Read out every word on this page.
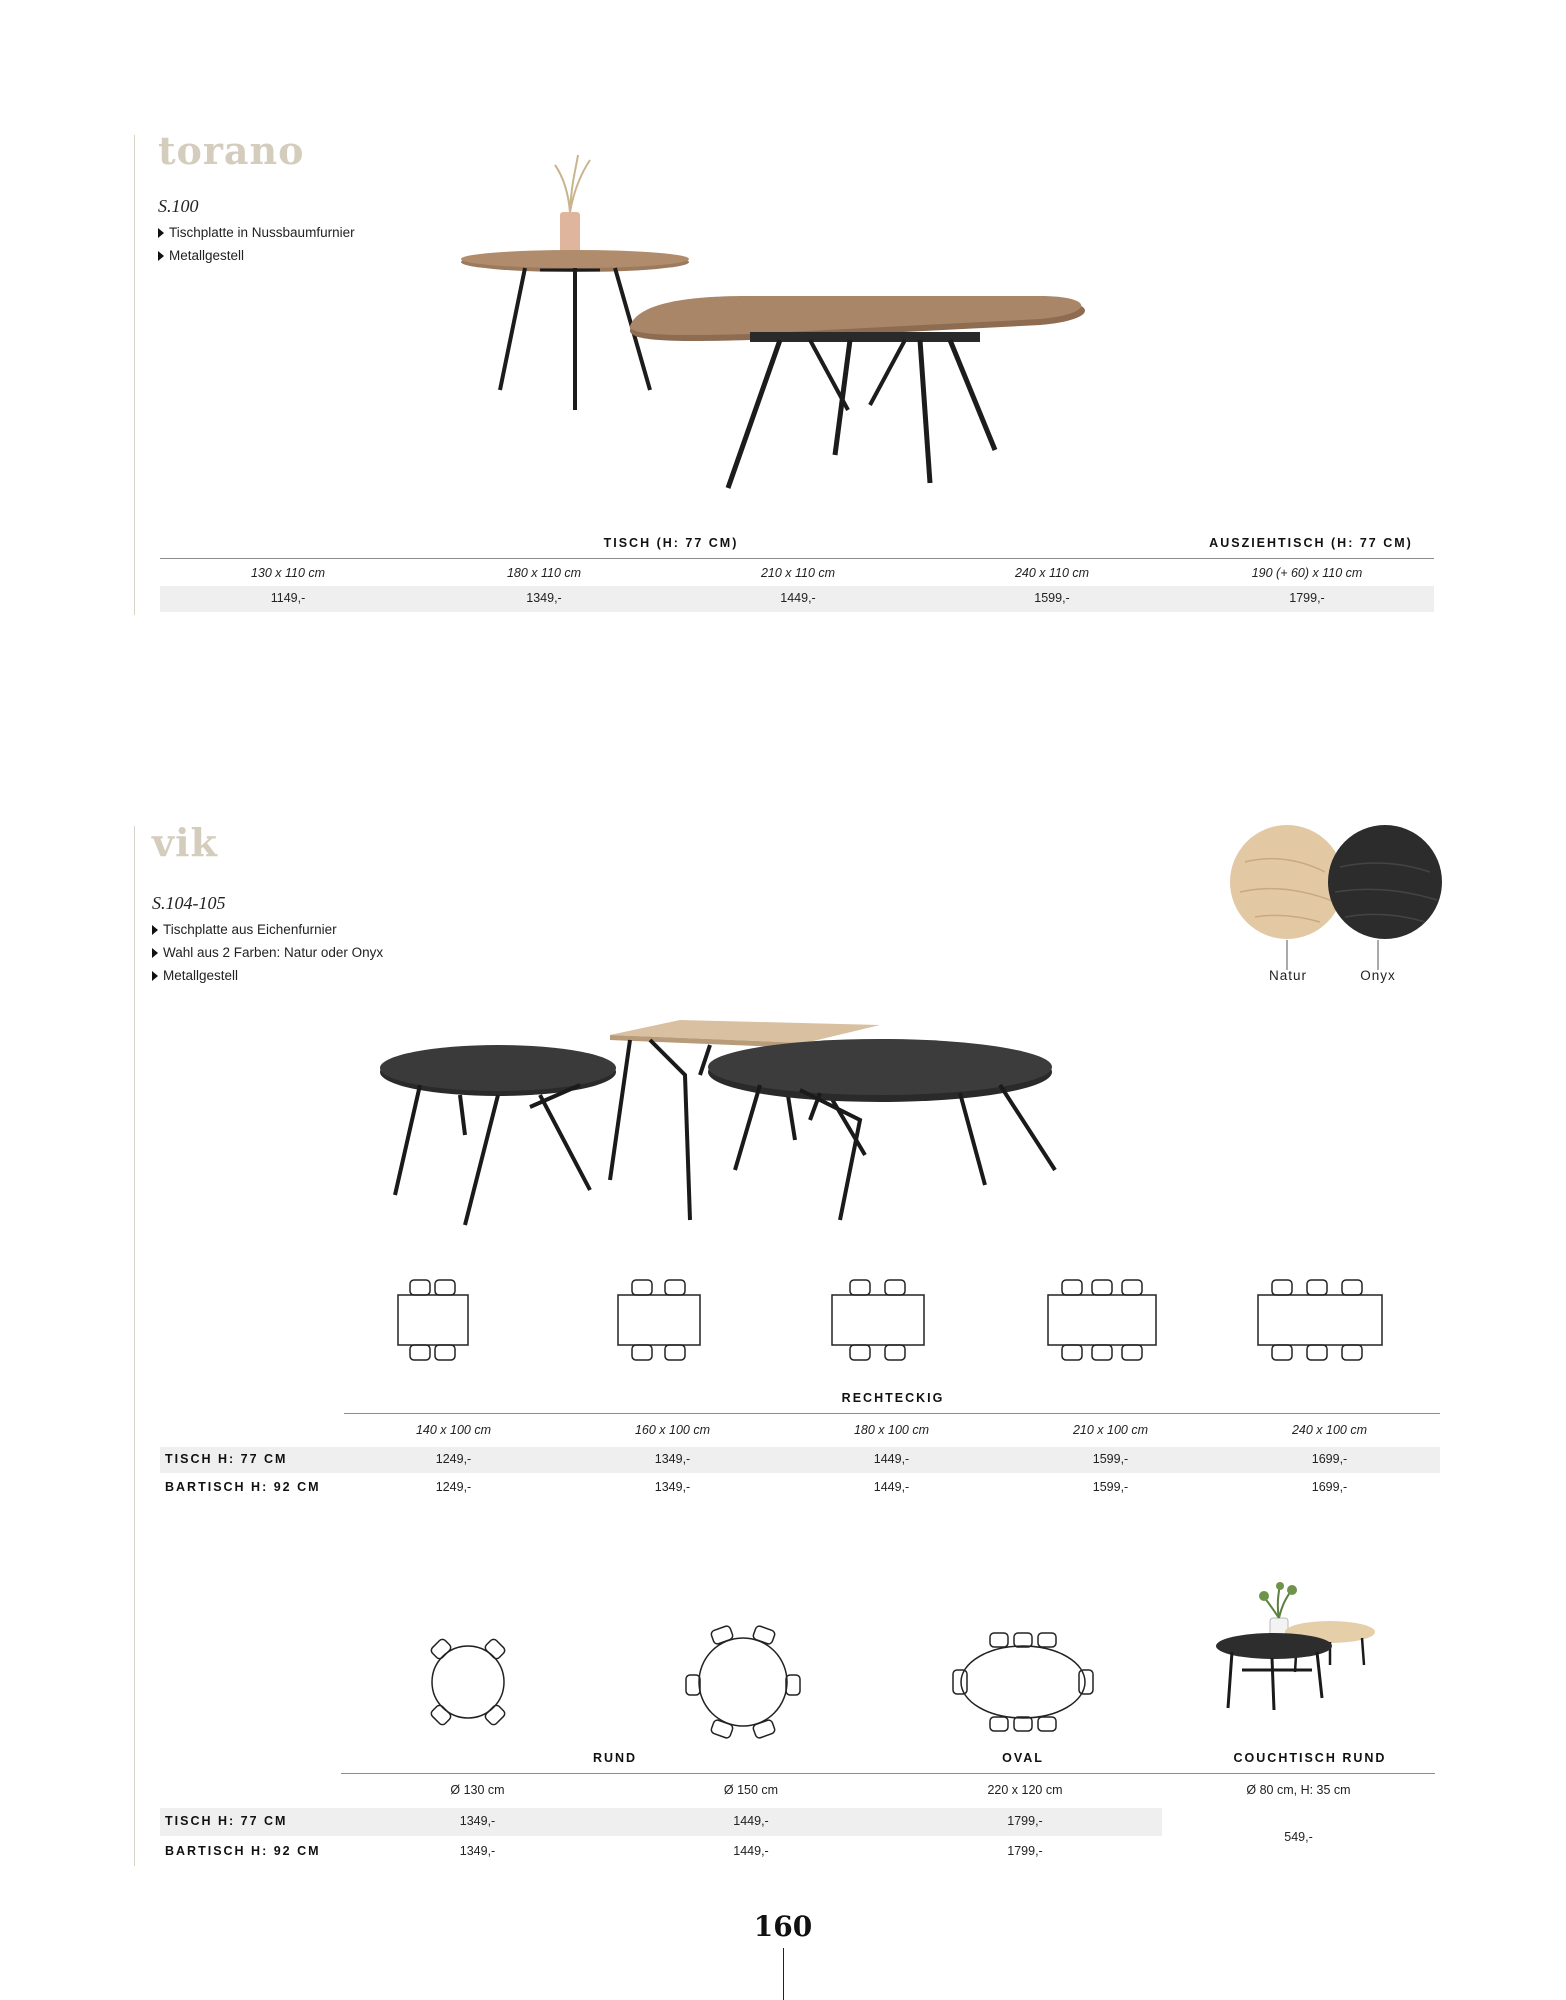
torano
S.100
Tischplatte in Nussbaumfurnier
Metallgestell
TISCH (H: 77 CM)	AUSZIEHTISCH (H: 77 CM)
130 x 110 cm	180 x 110 cm	210 x 110 cm	240 x 110 cm	190 (+ 60) x 110 cm
1149,-	1349,-	1449,-	1599,-	1799,-
vik
S.104-105
Tischplatte aus Eichenfurnier
Wahl aus 2 Farben: Natur oder Onyx
Metallgestell	Natur	Onyx
RECHTECKIG
140 x 100 cm	160 x 100 cm	180 x 100 cm	210 x 100 cm	240 x 100 cm
TISCH H: 77 CM	1249,-	1349,-	1449,-	1599,-	1699,-
BARTISCH H: 92 CM	1249,-	1349,-	1449,-	1599,-	1699,-
RUND	OVAL	COUCHTISCH RUND
Ø 130 cm	Ø 150 cm	220 x 120 cm	Ø 80 cm, H: 35 cm
TISCH H: 77 CM	1349,-	1449,-	1799,-
BARTISCH H: 92 CM	1349,-	1449,-	1799,-
549,-
160
